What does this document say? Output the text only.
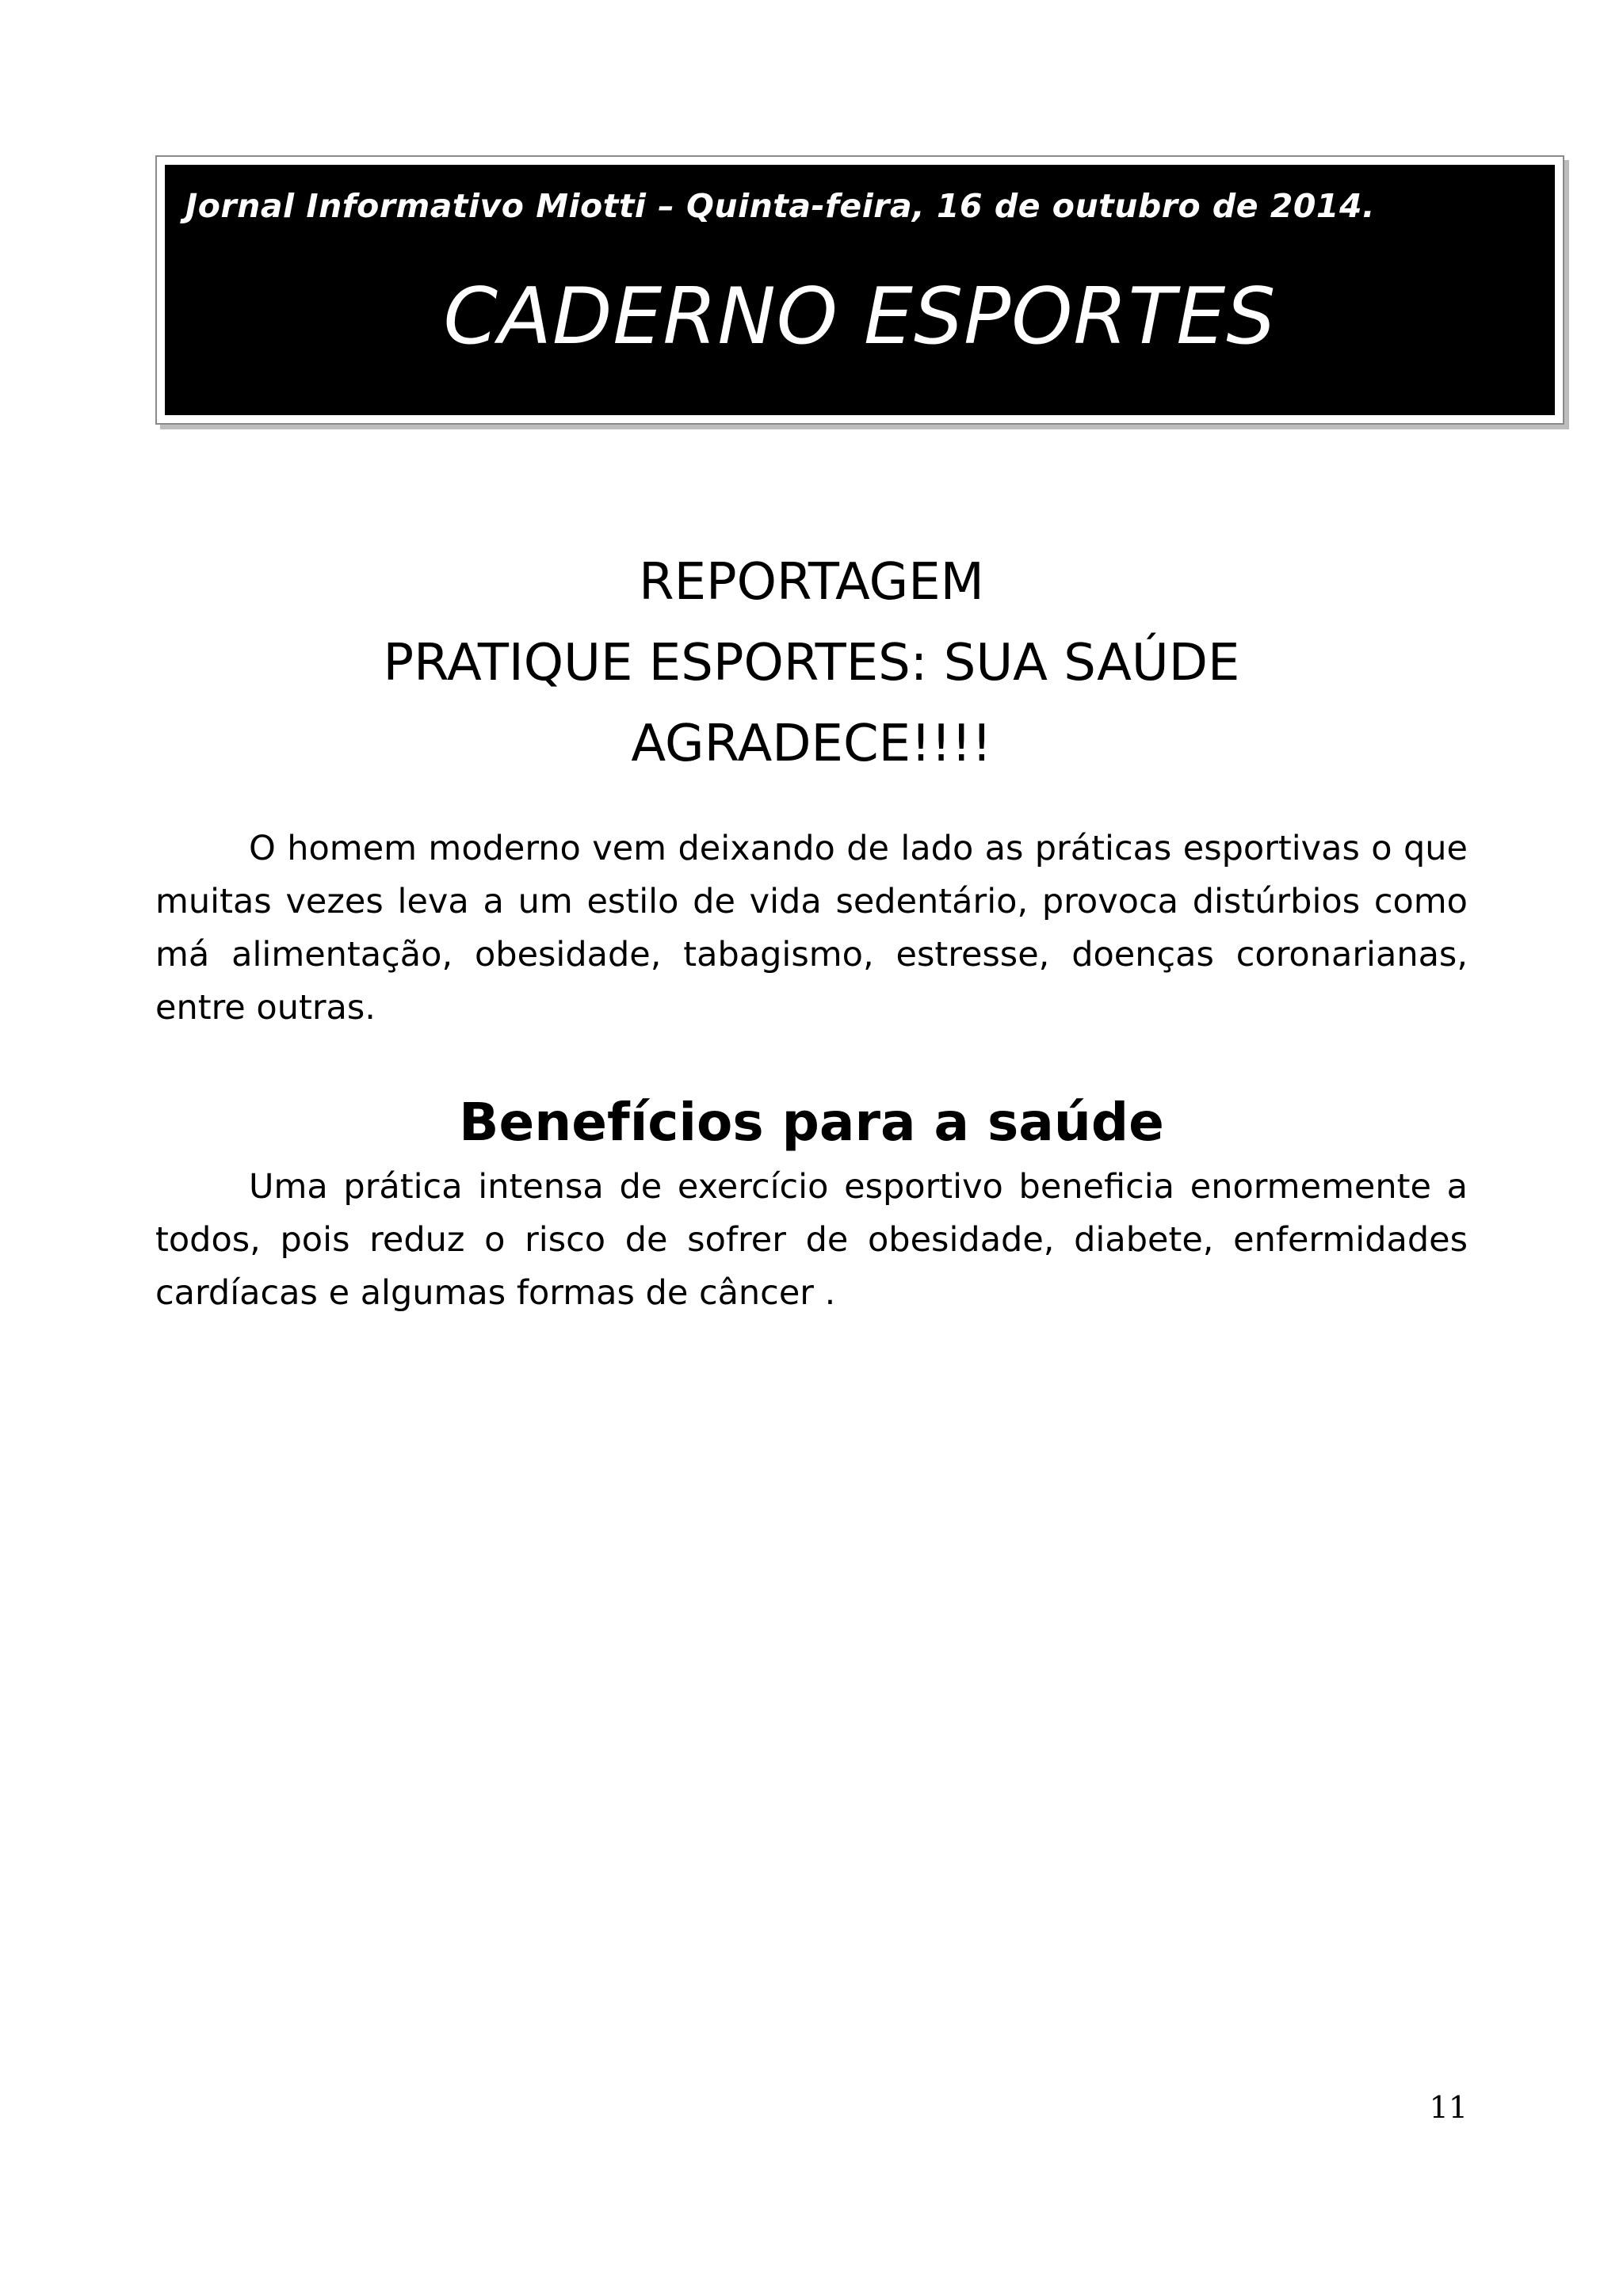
Jornal Informativo Miotti – Quinta-feira, 16 de outubro de 2014.
CADERNO ESPORTES
REPORTAGEM
PRATIQUE ESPORTES: SUA SAÚDE
AGRADECE!!!!
O homem moderno vem deixando de lado as práticas esportivas o que muitas vezes leva a um estilo de vida sedentário, provoca distúrbios como má alimentação, obesidade, tabagismo, estresse, doenças coronarianas, entre outras.
Benefícios para a saúde
Uma prática intensa de exercício esportivo beneficia enormemente a todos, pois reduz o risco de sofrer de obesidade, diabete, enfermidades cardíacas e algumas formas de câncer .
11
